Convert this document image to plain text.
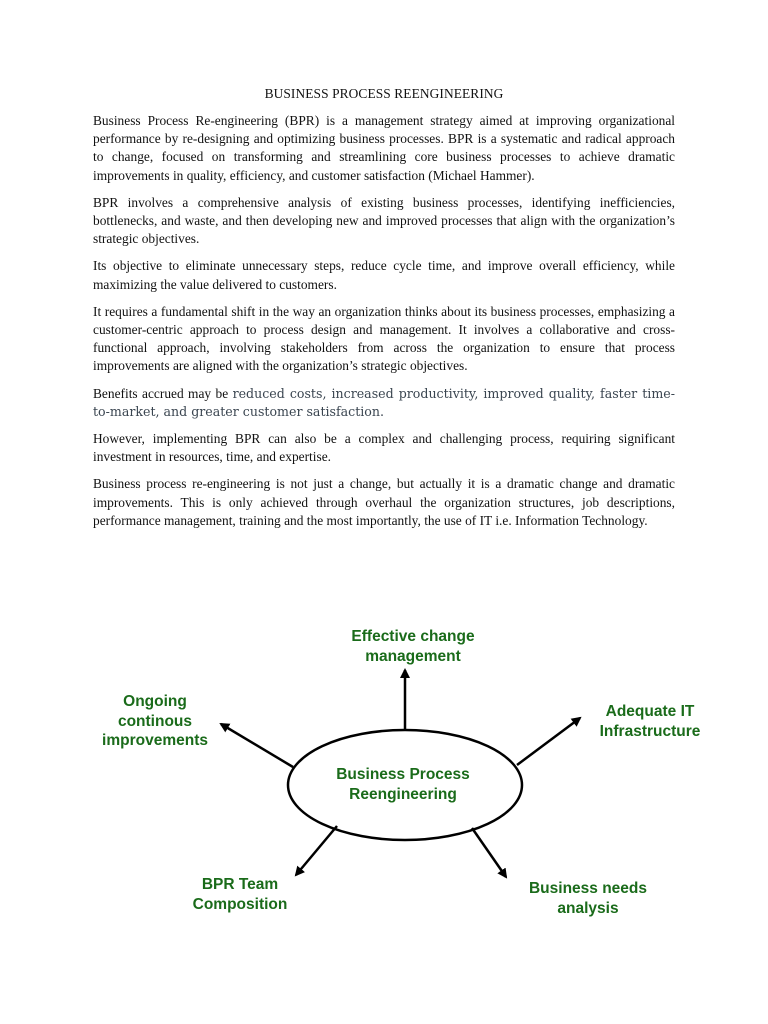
BUSINESS PROCESS REENGINEERING

Business Process Re-engineering (BPR) is a management strategy aimed at improving organizational performance by re-designing and optimizing business processes. BPR is a systematic and radical approach to change, focused on transforming and streamlining core business processes to achieve dramatic improvements in quality, efficiency, and customer satisfaction (Michael Hammer).

BPR involves a comprehensive analysis of existing business processes, identifying inefficiencies, bottlenecks, and waste, and then developing new and improved processes that align with the organization’s strategic objectives.

Its objective to eliminate unnecessary steps, reduce cycle time, and improve overall efficiency, while maximizing the value delivered to customers.

It requires a fundamental shift in the way an organization thinks about its business processes, emphasizing a customer-centric approach to process design and management. It involves a collaborative and cross-functional approach, involving stakeholders from across the organization to ensure that process improvements are aligned with the organization’s strategic objectives.

Benefits accrued may be reduced costs, increased productivity, improved quality, faster time-to-market, and greater customer satisfaction.

However, implementing BPR can also be a complex and challenging process, requiring significant investment in resources, time, and expertise.

Business process re-engineering is not just a change, but actually it is a dramatic change and dramatic improvements. This is only achieved through overhaul the organization structures, job descriptions, performance management, training and the most importantly, the use of IT i.e. Information Technology.

Business Process
Reengineering
Effective change
management
Ongoing
continous
improvements
Adequate IT
Infrastructure
BPR Team
Composition
Business needs
analysis
